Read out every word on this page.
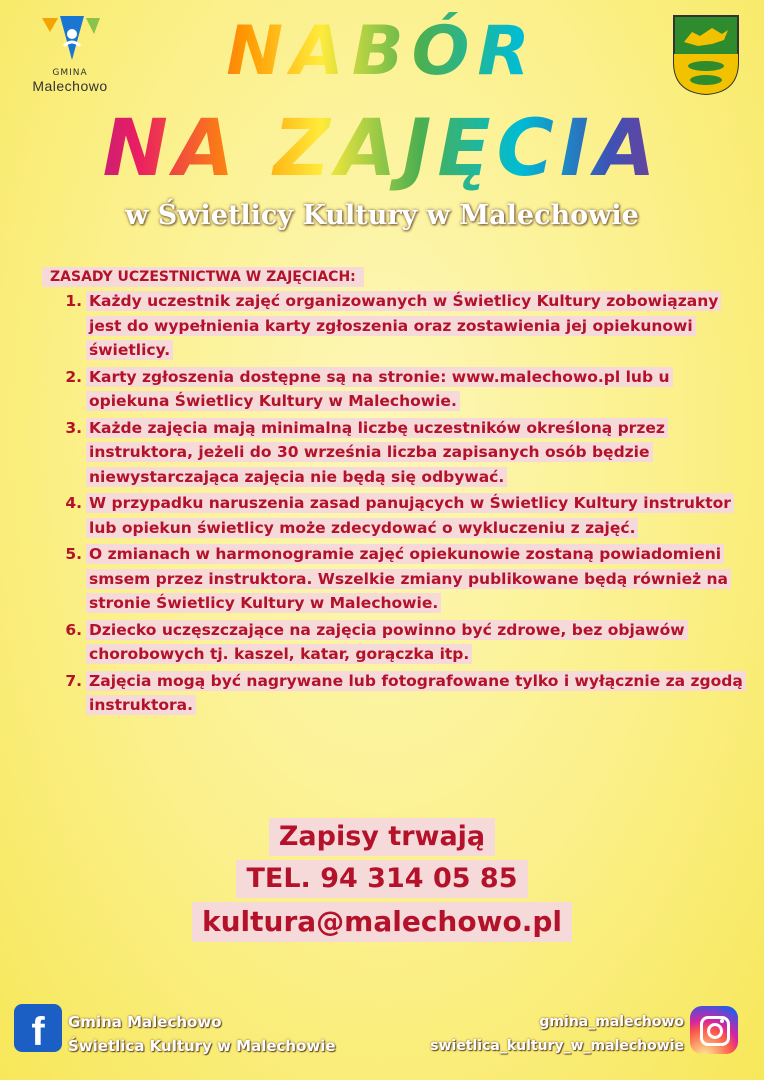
NABÓR
NA ZAJĘCIA
w Świetlicy Kultury w Malechowie
ZASADY UCZESTNICTWA W ZAJĘCIACH:
1. Każdy uczestnik zajęć organizowanych w Świetlicy Kultury zobowiązany jest do wypełnienia karty zgłoszenia oraz zostawienia jej opiekunowi świetlicy.
2. Karty zgłoszenia dostępne są na stronie: www.malechowo.pl lub u opiekuna Świetlicy Kultury w Malechowie.
3. Każde zajęcia mają minimalną liczbę uczestników określoną przez instruktora, jeżeli do 30 września liczba zapisanych osób będzie niewystarczająca zajęcia nie będą się odbywać.
4. W przypadku naruszenia zasad panujących w Świetlicy Kultury instruktor lub opiekun świetlicy może zdecydować o wykluczeniu z zajęć.
5. O zmianach w harmonogramie zajęć opiekunowie zostaną powiadomieni smsem przez instruktora. Wszelkie zmiany publikowane będą również na stronie Świetlicy Kultury w Malechowie.
6. Dziecko uczęszczające na zajęcia powinno być zdrowe, bez objawów chorobowych tj. kaszel, katar, gorączka itp.
7. Zajęcia mogą być nagrywane lub fotografowane tylko i wyłącznie za zgodą instruktora.
Zapisy trwają
TEL. 94 314 05 85
kultura@malechowo.pl
f	Gmina Malechowo
Świetlica Kultury w Malechowie
gmina_malechowo
swietlica_kultury_w_malechowie
